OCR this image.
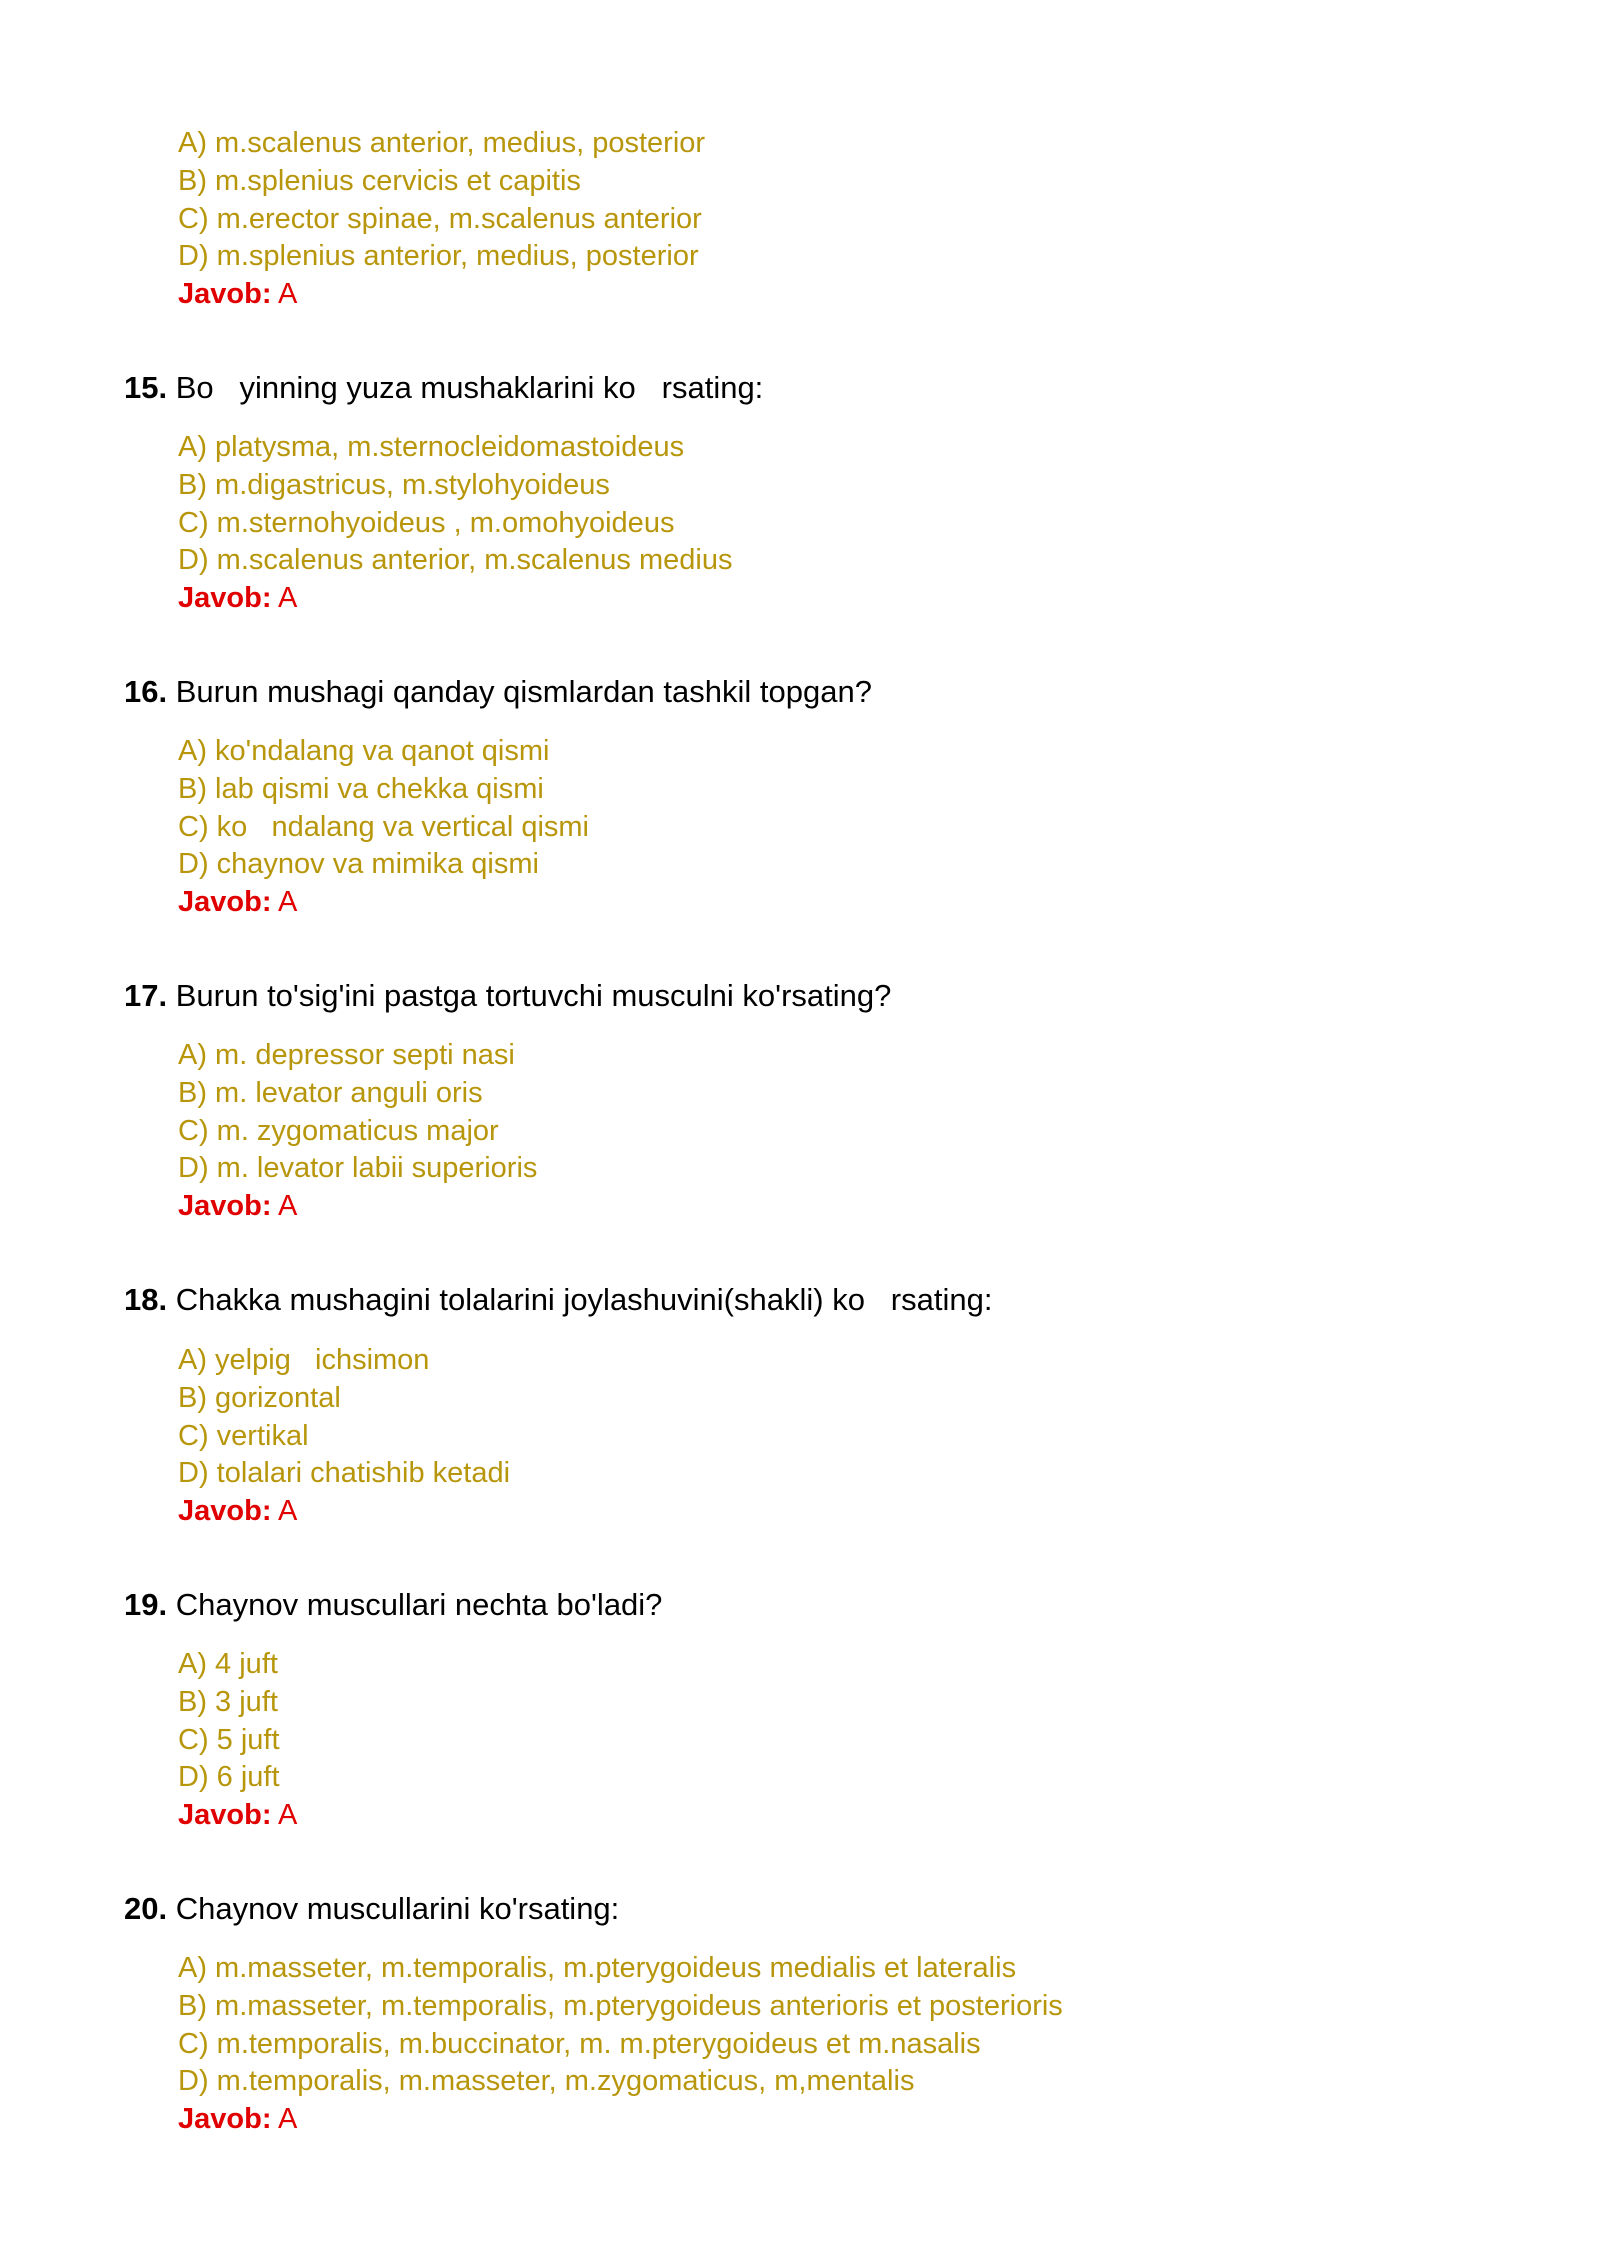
A) m.scalenus anterior, medius, posterior
B) m.splenius cervicis et capitis
C) m.erector spinae, m.scalenus anterior
D) m.splenius anterior, medius, posterior
Javob: A
15. Bo   yinning yuza mushaklarini ko   rsating:
A) platysma, m.sternocleidomastoideus
B) m.digastricus, m.stylohyoideus
C) m.sternohyoideus , m.omohyoideus
D) m.scalenus anterior, m.scalenus medius
Javob: A
16. Burun mushagi qanday qismlardan tashkil topgan?
A) ko'ndalang va qanot qismi
B) lab qismi va chekka qismi
C) ko   ndalang va vertical qismi
D) chaynov va mimika qismi
Javob: A
17. Burun to'sig'ini pastga tortuvchi musculni ko'rsating?
A) m. depressor septi nasi
B) m. levator anguli oris
C) m. zygomaticus major
D) m. levator labii superioris
Javob: A
18. Chakka mushagini tolalarini joylashuvini(shakli) ko   rsating:
A) yelpig   ichsimon
B) gorizontal
C) vertikal
D) tolalari chatishib ketadi
Javob: A
19. Chaynov muscullari nechta bo'ladi?
A) 4 juft
B) 3 juft
C) 5 juft
D) 6 juft
Javob: A
20. Chaynov muscullarini ko'rsating:
A) m.masseter, m.temporalis, m.pterygoideus medialis et lateralis
B) m.masseter, m.temporalis, m.pterygoideus anterioris et posterioris
C) m.temporalis, m.buccinator, m. m.pterygoideus et m.nasalis
D) m.temporalis, m.masseter, m.zygomaticus, m,mentalis
Javob: A
